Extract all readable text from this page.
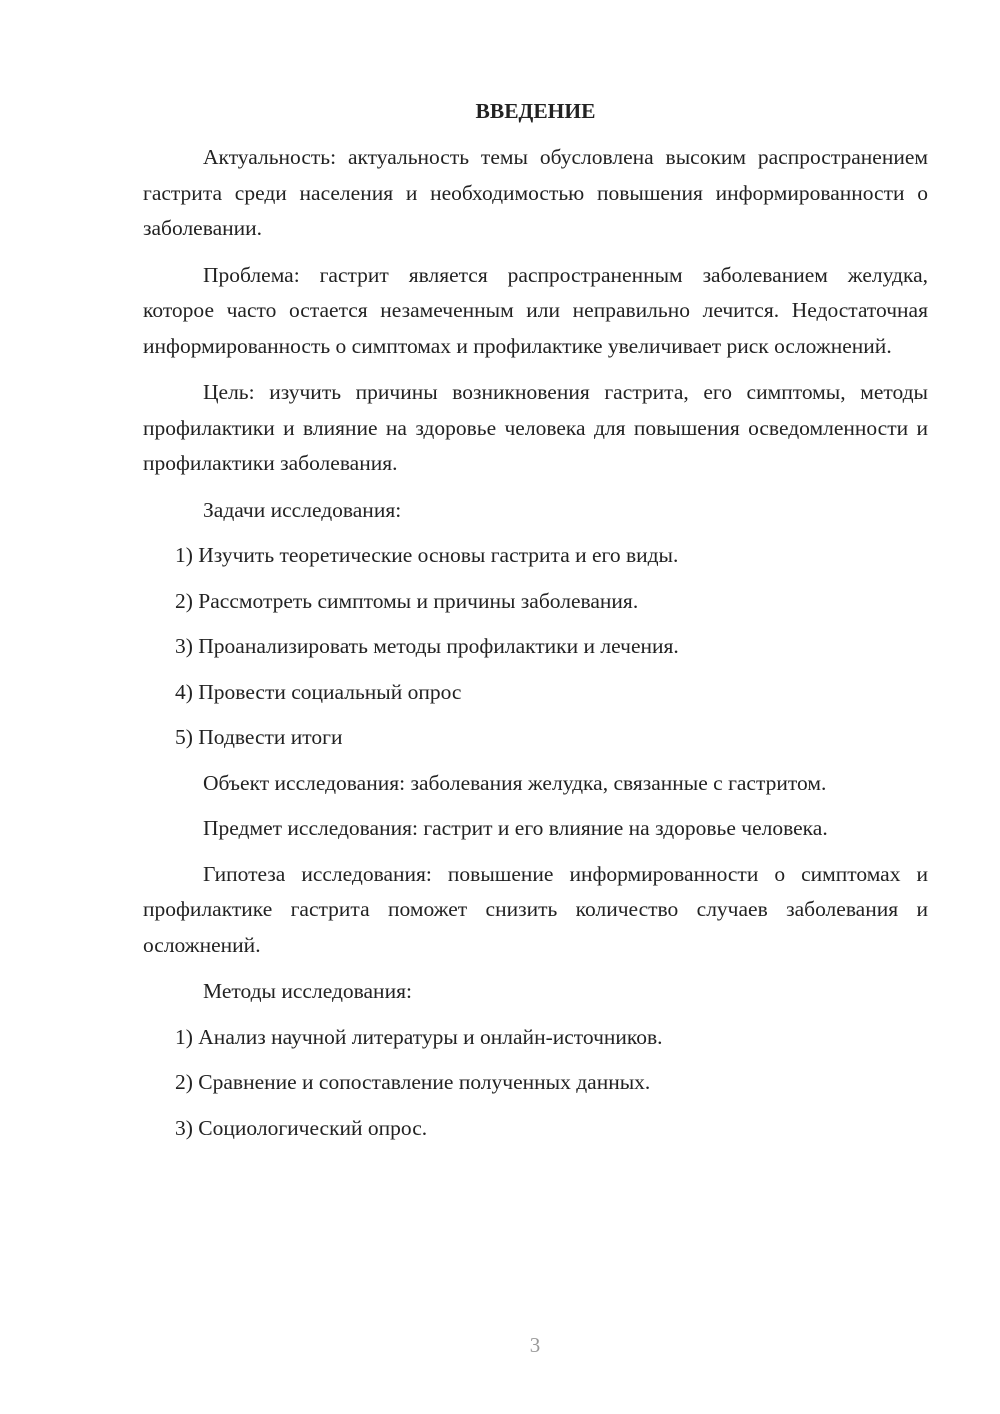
ВВЕДЕНИЕ

Актуальность: актуальность темы обусловлена высоким распространением гастрита среди населения и необходимостью повышения информированности о заболевании.

Проблема: гастрит является распространенным заболеванием желудка, которое часто остается незамеченным или неправильно лечится. Недостаточная информированность о симптомах и профилактике увеличивает риск осложнений.

Цель: изучить причины возникновения гастрита, его симптомы, методы профилактики и влияние на здоровье человека для повышения осведомленности и профилактики заболевания.

Задачи исследования:

1) Изучить теоретические основы гастрита и его виды.

2) Рассмотреть симптомы и причины заболевания.

3) Проанализировать методы профилактики и лечения.

4) Провести социальный опрос

5) Подвести итоги

Объект исследования: заболевания желудка, связанные с гастритом.

Предмет исследования: гастрит и его влияние на здоровье человека.

Гипотеза исследования: повышение информированности о симптомах и профилактике гастрита поможет снизить количество случаев заболевания и осложнений.

Методы исследования:

1) Анализ научной литературы и онлайн-источников.

2) Сравнение и сопоставление полученных данных.

3) Социологический опрос.

3
